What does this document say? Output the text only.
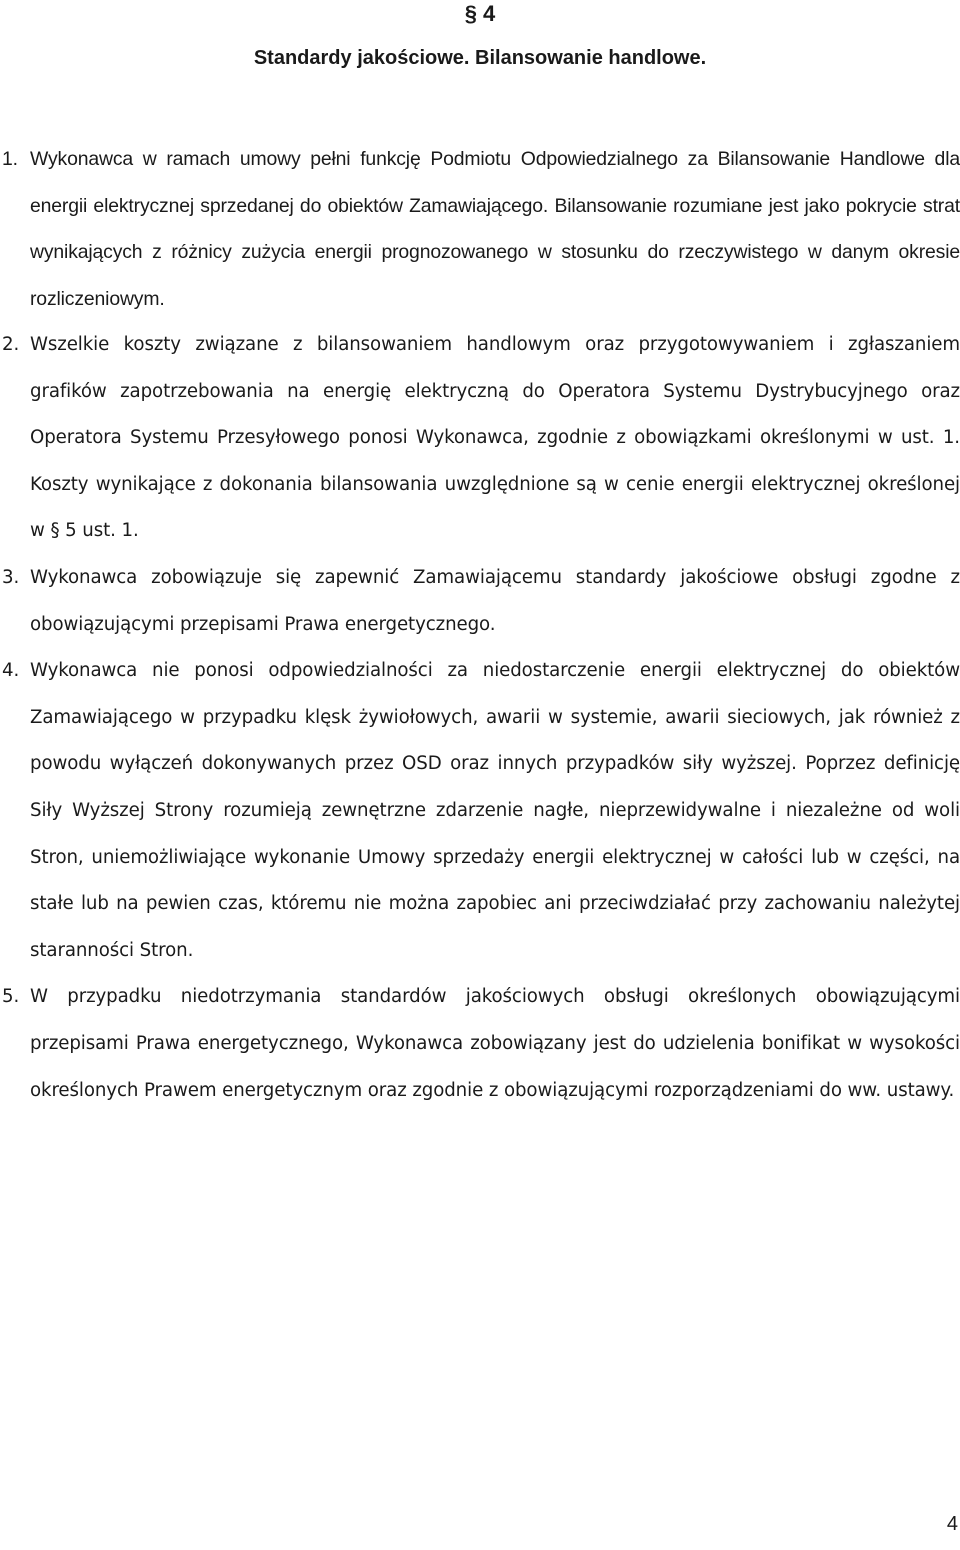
§ 4
Standardy jakościowe. Bilansowanie handlowe.
1. Wykonawca w ramach umowy pełni funkcję Podmiotu Odpowiedzialnego za Bilansowanie Handlowe dla energii elektrycznej sprzedanej do obiektów Zamawiającego. Bilansowanie rozumiane jest jako pokrycie strat wynikających z różnicy zużycia energii prognozowanego w stosunku do rzeczywistego w danym okresie rozliczeniowym.
2. Wszelkie koszty związane z bilansowaniem handlowym oraz przygotowywaniem i zgłaszaniem grafików zapotrzebowania na energię elektryczną do Operatora Systemu Dystrybucyjnego oraz Operatora Systemu Przesyłowego ponosi Wykonawca, zgodnie z obowiązkami określonymi w ust. 1. Koszty wynikające z dokonania bilansowania uwzględnione są w cenie energii elektrycznej określonej w § 5 ust. 1.
3. Wykonawca zobowiązuje się zapewnić Zamawiającemu standardy jakościowe obsługi zgodne z obowiązującymi przepisami Prawa energetycznego.
4. Wykonawca nie ponosi odpowiedzialności za niedostarczenie energii elektrycznej do obiektów Zamawiającego w przypadku klęsk żywiołowych, awarii w systemie, awarii sieciowych, jak również z powodu wyłączeń dokonywanych przez OSD oraz innych przypadków siły wyższej. Poprzez definicję Siły Wyższej Strony rozumieją zewnętrzne zdarzenie nagłe, nieprzewidywalne i niezależne od woli Stron, uniemożliwiające wykonanie Umowy sprzedaży energii elektrycznej w całości lub w części, na stałe lub na pewien czas, któremu nie można zapobiec ani przeciwdziałać przy zachowaniu należytej staranności Stron.
5. W przypadku niedotrzymania standardów jakościowych obsługi określonych obowiązującymi przepisami Prawa energetycznego, Wykonawca zobowiązany jest do udzielenia bonifikat w wysokości określonych Prawem energetycznym oraz zgodnie z obowiązującymi rozporządzeniami do ww. ustawy.
4
